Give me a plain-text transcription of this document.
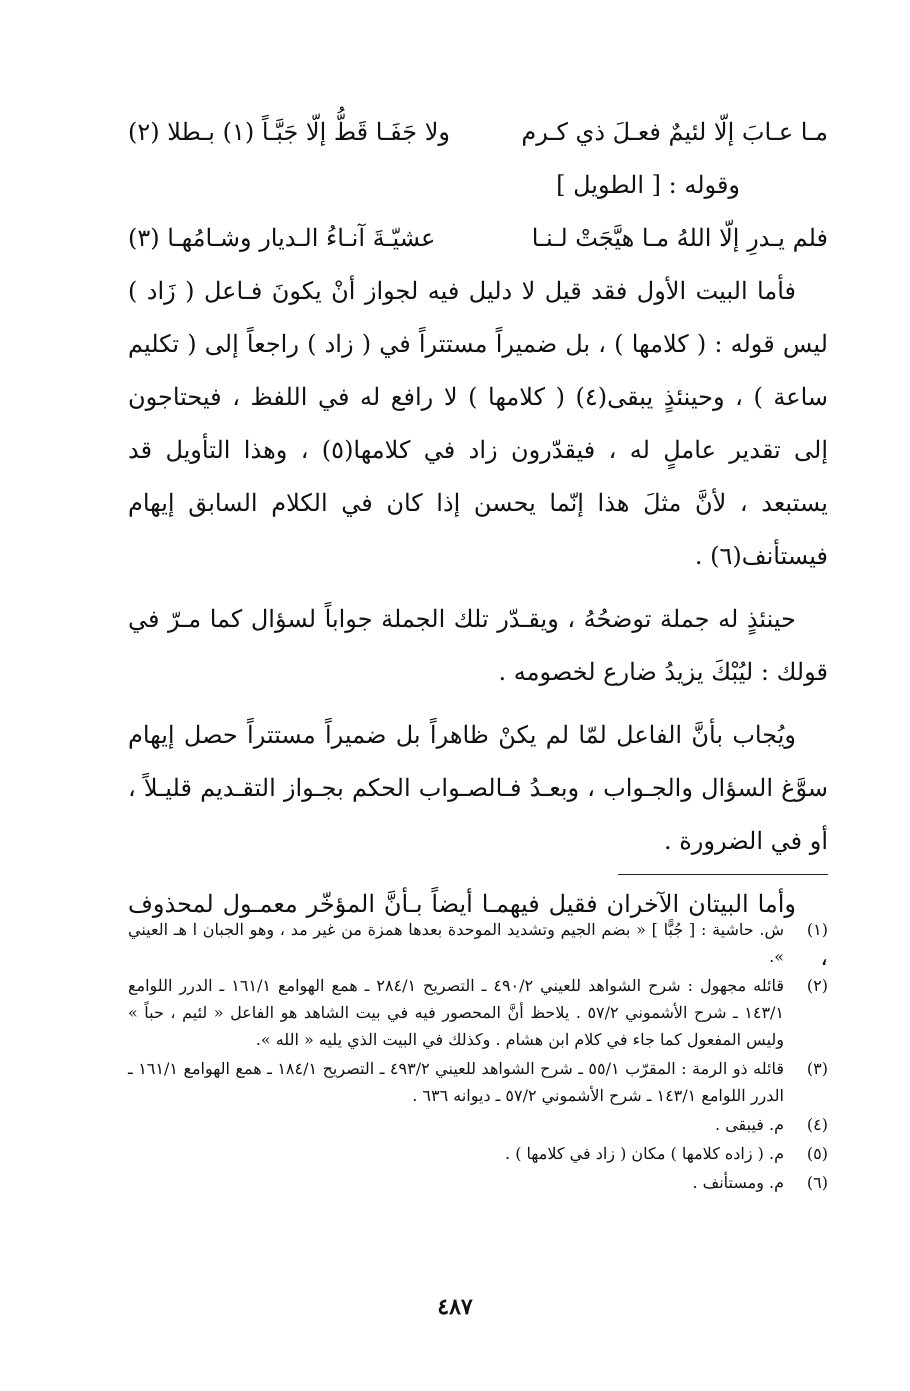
مـا عـابَ إلّا لئيمٌ فعـلَ ذي كـرم
ولا جَفَـا قَطُّ إلّا جَبَّـاً (١) بـطلا (٢)
وقوله : [ الطويل ]
فلم يـدرِ إلّا اللهُ مـا هيَّجَتْ لـنـا
عشيّـةَ آنـاءُ الـديار وشـامُهـا (٣)

فأما البيت الأول فقد قيل لا دليل فيه لجواز أنْ يكونَ فـاعل ( زَاد ) ليس قوله : ( كلامها ) ، بل ضميراً مستتراً في ( زاد ) راجعاً إلى ( تكليم ساعة ) ، وحينئذٍ يبقى(٤) ( كلامها ) لا رافع له في اللفظ ، فيحتاجون إلى تقدير عاملٍ له ، فيقدّرون زاد في كلامها(٥) ، وهذا التأويل قد يستبعد ، لأنَّ مثلَ هذا إنّما يحسن إذا كان في الكلام السابق إيهام فيستأنف(٦) .

حينئذٍ له جملة توضحُهُ ، ويقـدّر تلك الجملة جواباً لسؤال كما مـرّ في قولك : ليُبْكَ يزيدُ ضارع لخصومه .

ويُجاب بأنَّ الفاعل لمّا لم يكنْ ظاهراً بل ضميراً مستتراً حصل إيهام سوَّغ السؤال والجـواب ، وبعـدُ فـالصـواب الحكم بجـواز التقـديم قليـلاً ، أو في الضرورة .

وأما البيتان الآخران فقيل فيهمـا أيضاً بـأنَّ المؤخّر معمـول لمحذوف ،

(١)
ش. حاشية : [ جُبًّا ] « بضم الجيم وتشديد الموحدة بعدها همزة من غير مد ، وهو الجبان ا هـ العيني ».
(٢)
قائله مجهول : شرح الشواهد للعيني ٤٩٠/٢ ـ التصريح ٢٨٤/١ ـ همع الهوامع ١٦١/١ ـ الدرر اللوامع ١٤٣/١ ـ شرح الأشموني ٥٧/٢ . يلاحظ أنَّ المحصور فيه في بيت الشاهد هو الفاعل « لئيم ، حباً » وليس المفعول كما جاء في كلام ابن هشام . وكذلك في البيت الذي يليه « الله ».
(٣)
قائله ذو الرمة : المقرّب ٥٥/١ ـ شرح الشواهد للعيني ٤٩٣/٢ ـ التصريح ١٨٤/١ ـ همع الهوامع ١٦١/١ ـ الدرر اللوامع ١٤٣/١ ـ شرح الأشموني ٥٧/٢ ـ ديوانه ٦٣٦ .
(٤)
م. فيبقى .
(٥)
م. ( زاده كلامها ) مكان ( زاد في كلامها ) .
(٦)
م. ومستأنف .
٤٨٧
